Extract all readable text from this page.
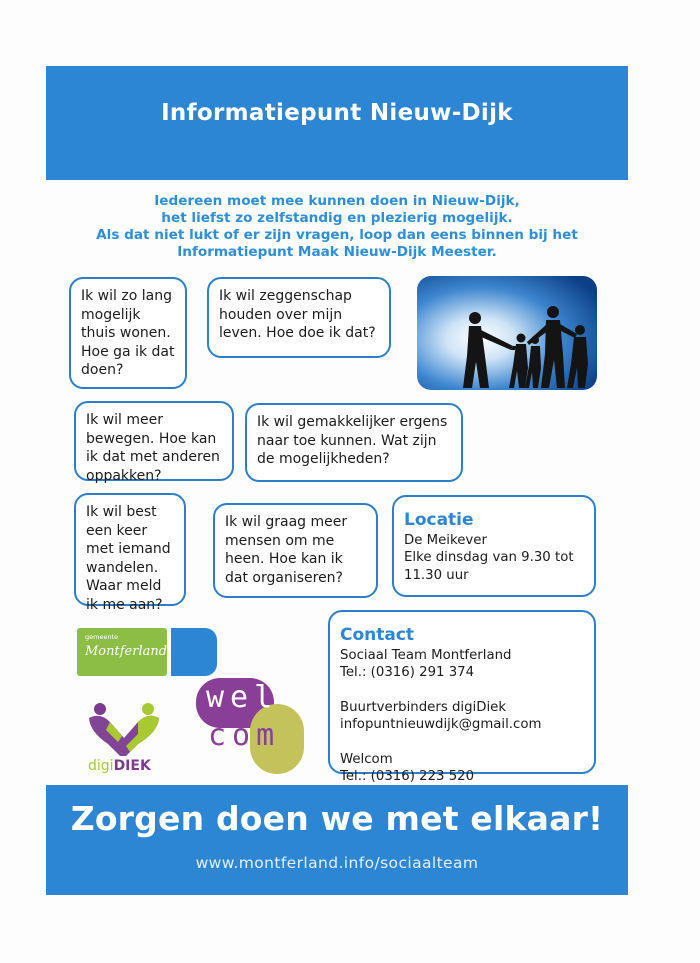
Informatiepunt Nieuw-Dijk
Iedereen moet mee kunnen doen in Nieuw-Dijk,
het liefst zo zelfstandig en plezierig mogelijk.
Als dat niet lukt of er zijn vragen, loop dan eens binnen bij het
Informatiepunt Maak Nieuw-Dijk Meester.
Ik wil zo lang mogelijk thuis wonen. Hoe ga ik dat doen?
Ik wil zeggenschap houden over mijn leven. Hoe doe ik dat?
Ik wil meer bewegen. Hoe kan ik dat met anderen oppakken?
Ik wil gemakkelijker ergens naar toe kunnen. Wat zijn de mogelijkheden?
Ik wil best een keer met iemand wandelen. Waar meld ik me aan?
Ik wil graag meer mensen om me heen. Hoe kan ik dat organiseren?
Locatie
De Meikever
Elke dinsdag van 9.30 tot
11.30 uur
Contact
Sociaal Team Montferland
Tel.: (0316) 291 374
Buurtverbinders digiDiek
infopuntnieuwdijk@gmail.com
Welcom
Tel.: (0316) 223 520
gemeente
Montferland
digiDIEK
wel
com
Zorgen doen we met elkaar!
www.montferland.info/sociaalteam
